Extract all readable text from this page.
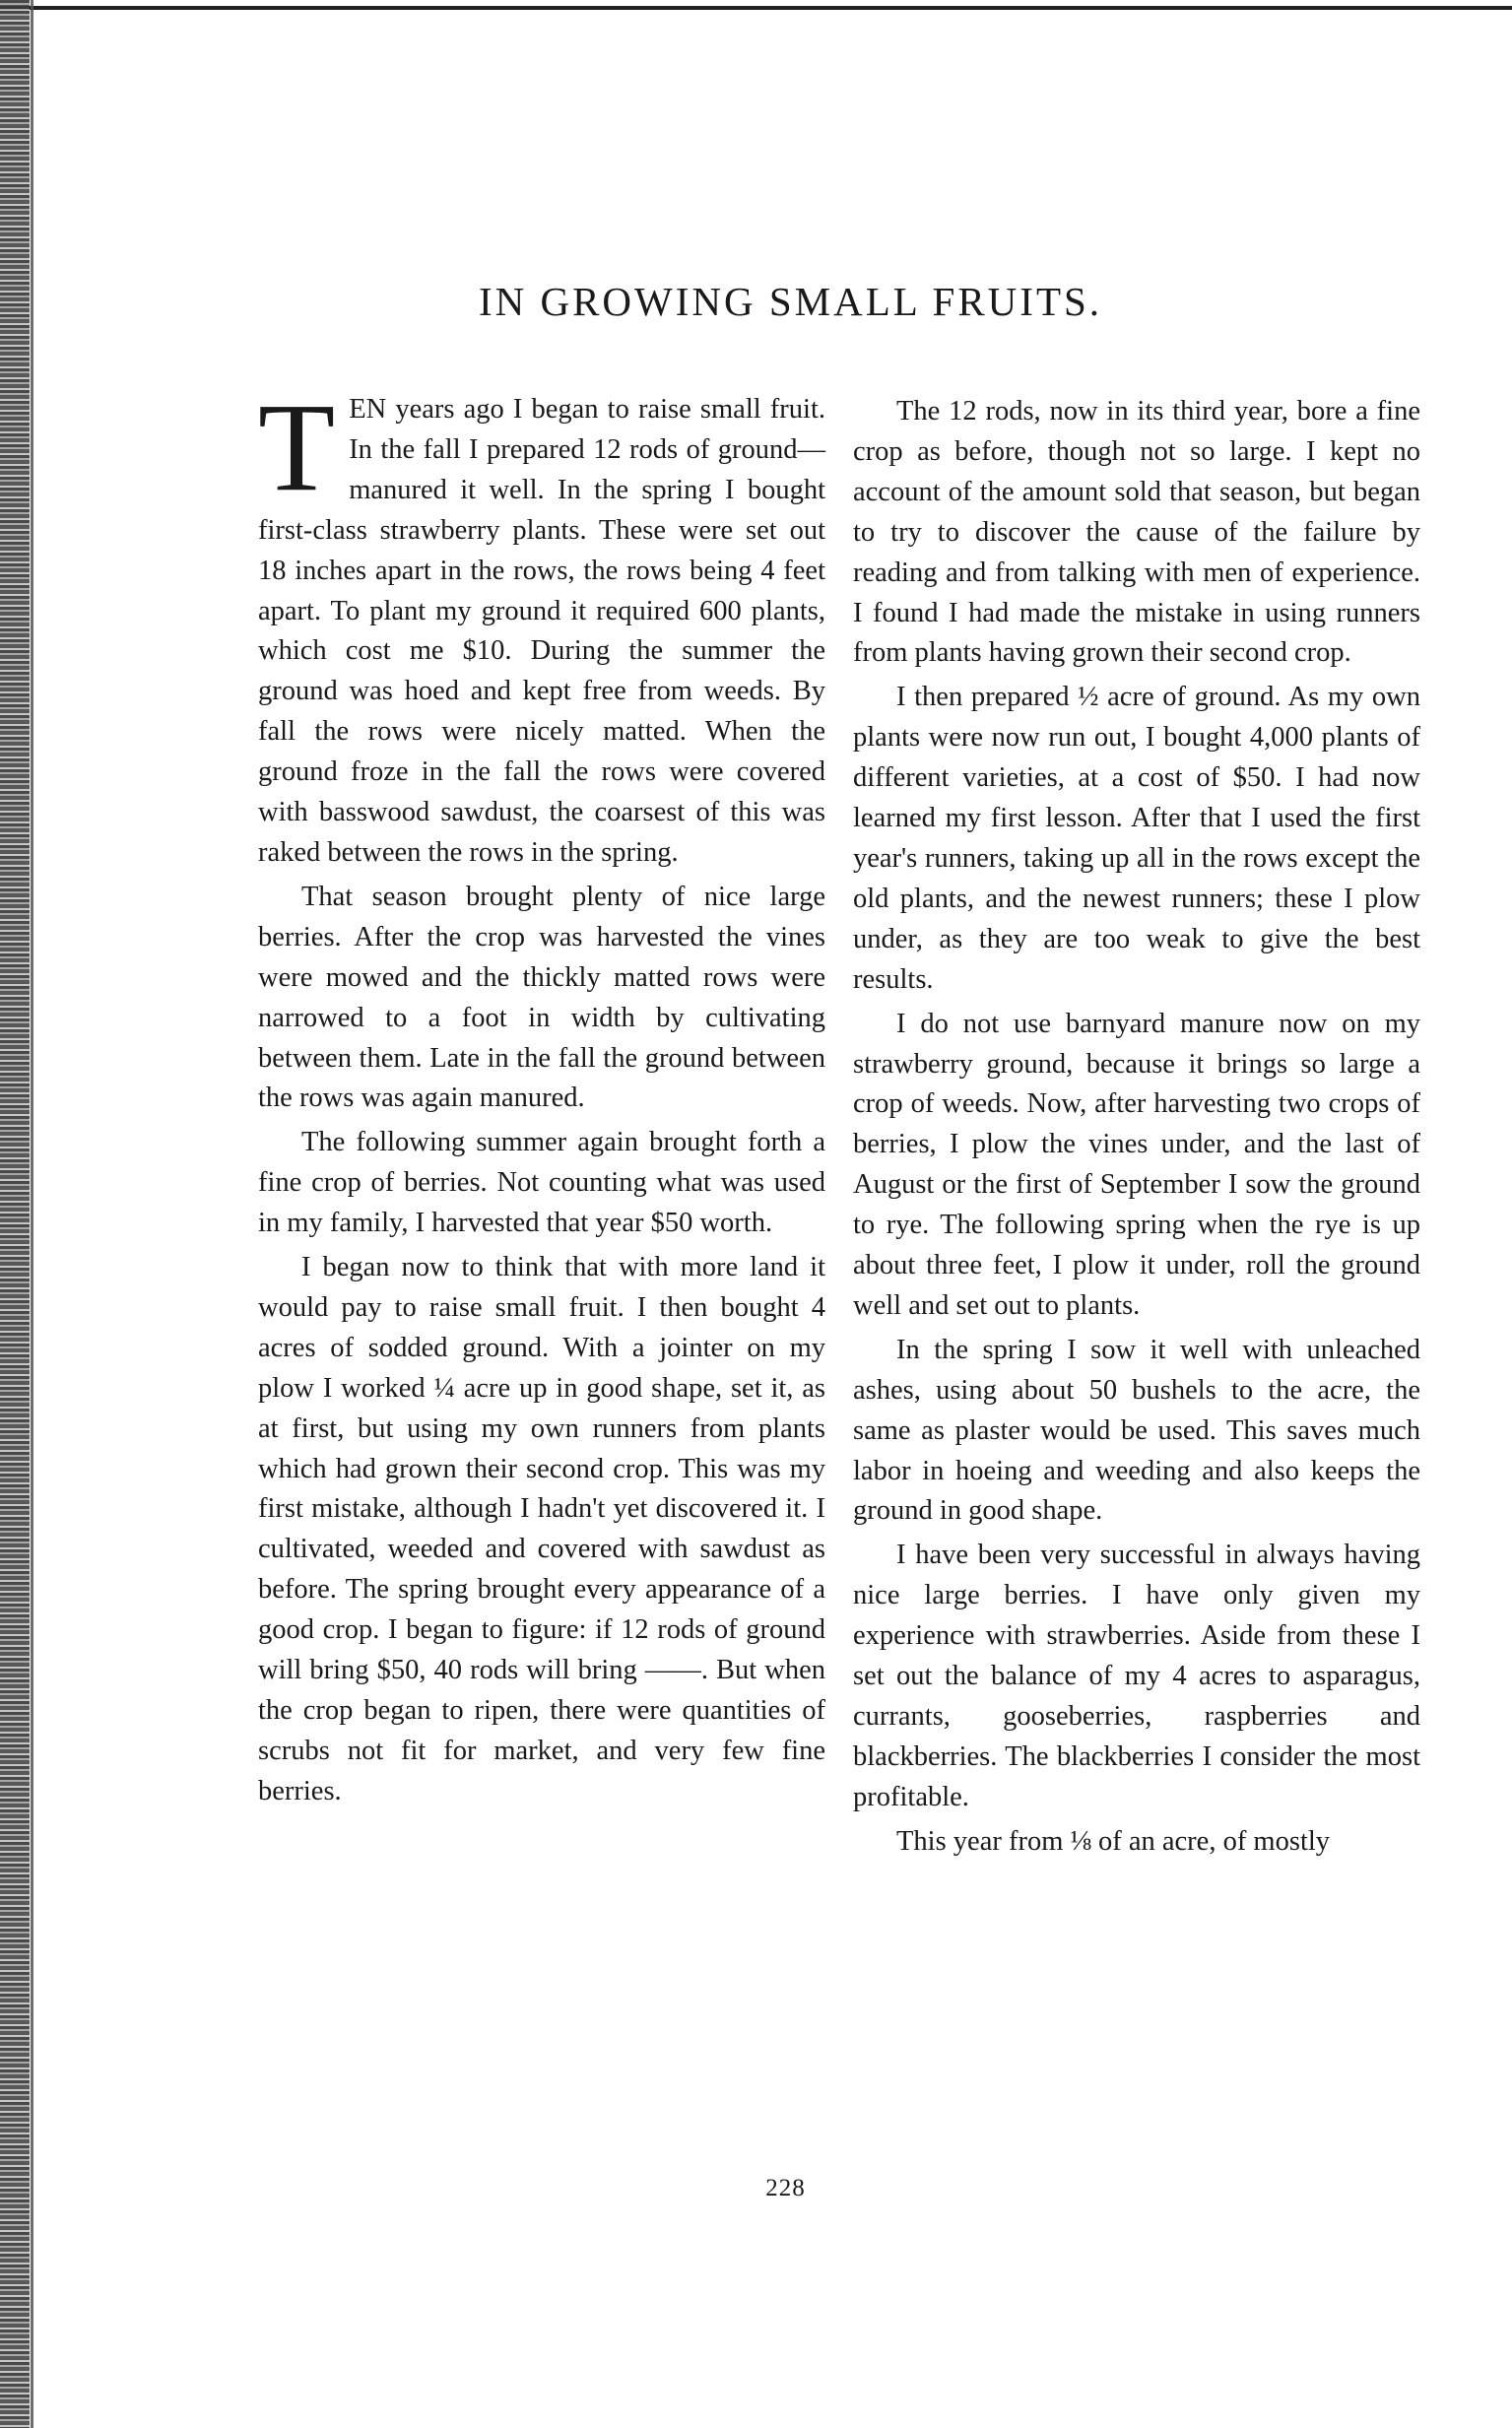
IN GROWING SMALL FRUITS.

TEN years ago I began to raise small fruit. In the fall I prepared 12 rods of ground—manured it well. In the spring I bought first-class strawberry plants. These were set out 18 inches apart in the rows, the rows being 4 feet apart. To plant my ground it required 600 plants, which cost me $10. During the summer the ground was hoed and kept free from weeds. By fall the rows were nicely matted. When the ground froze in the fall the rows were covered with basswood sawdust, the coarsest of this was raked between the rows in the spring.

That season brought plenty of nice large berries. After the crop was harvested the vines were mowed and the thickly matted rows were narrowed to a foot in width by cultivating between them. Late in the fall the ground between the rows was again manured.

The following summer again brought forth a fine crop of berries. Not counting what was used in my family, I harvested that year $50 worth.

I began now to think that with more land it would pay to raise small fruit. I then bought 4 acres of sodded ground. With a jointer on my plow I worked ¼ acre up in good shape, set it, as at first, but using my own runners from plants which had grown their second crop. This was my first mistake, although I hadn't yet discovered it. I cultivated, weeded and covered with sawdust as before. The spring brought every appearance of a good crop. I began to figure: if 12 rods of ground will bring $50, 40 rods will bring ——. But when the crop began to ripen, there were quantities of scrubs not fit for market, and very few fine berries.

The 12 rods, now in its third year, bore a fine crop as before, though not so large. I kept no account of the amount sold that season, but began to try to discover the cause of the failure by reading and from talking with men of experience. I found I had made the mistake in using runners from plants having grown their second crop.

I then prepared ½ acre of ground. As my own plants were now run out, I bought 4,000 plants of different varieties, at a cost of $50. I had now learned my first lesson. After that I used the first year's runners, taking up all in the rows except the old plants, and the newest runners; these I plow under, as they are too weak to give the best results.

I do not use barnyard manure now on my strawberry ground, because it brings so large a crop of weeds. Now, after harvesting two crops of berries, I plow the vines under, and the last of August or the first of September I sow the ground to rye. The following spring when the rye is up about three feet, I plow it under, roll the ground well and set out to plants.

In the spring I sow it well with unleached ashes, using about 50 bushels to the acre, the same as plaster would be used. This saves much labor in hoeing and weeding and also keeps the ground in good shape.

I have been very successful in always having nice large berries. I have only given my experience with strawberries. Aside from these I set out the balance of my 4 acres to asparagus, currants, gooseberries, raspberries and blackberries. The blackberries I consider the most profitable.

This year from ⅛ of an acre, of mostly

228
